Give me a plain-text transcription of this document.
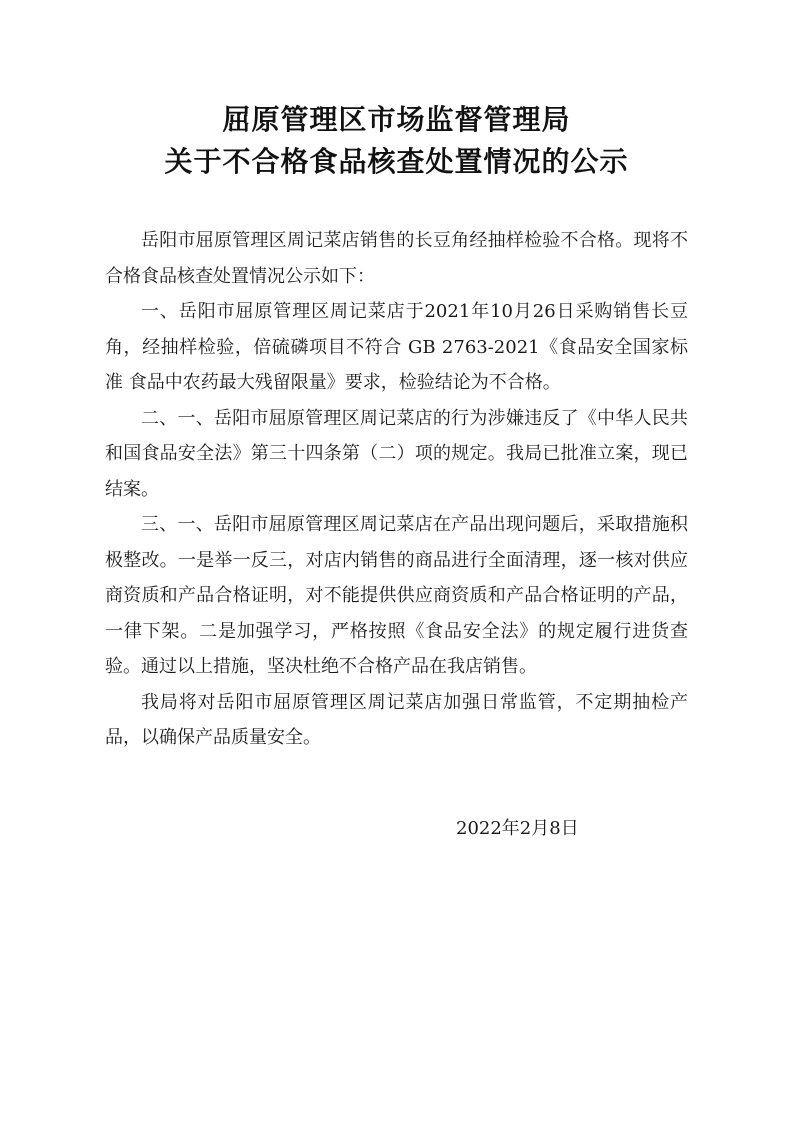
屈原管理区市场监督管理局
关于不合格食品核查处置情况的公示

岳阳市屈原管理区周记菜店销售的长豆角经抽样检验不合格。现将不合格食品核查处置情况公示如下：

一、岳阳市屈原管理区周记菜店于2021年10月26日采购销售长豆角，经抽样检验，倍硫磷项目不符合 GB 2763-2021《食品安全国家标准 食品中农药最大残留限量》要求，检验结论为不合格。

二、一、岳阳市屈原管理区周记菜店的行为涉嫌违反了《中华人民共和国食品安全法》第三十四条第（二）项的规定。我局已批准立案，现已结案。

三、一、岳阳市屈原管理区周记菜店在产品出现问题后，采取措施积极整改。一是举一反三，对店内销售的商品进行全面清理，逐一核对供应商资质和产品合格证明，对不能提供供应商资质和产品合格证明的产品，一律下架。二是加强学习，严格按照《食品安全法》的规定履行进货查验。通过以上措施，坚决杜绝不合格产品在我店销售。

我局将对岳阳市屈原管理区周记菜店加强日常监管，不定期抽检产品，以确保产品质量安全。

2022年2月8日
